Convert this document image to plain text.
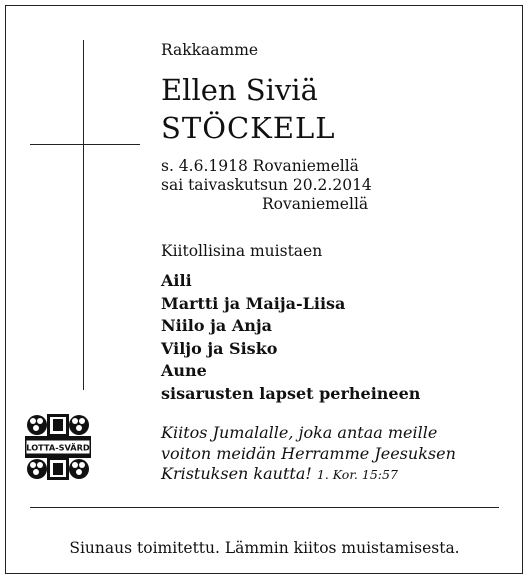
Rakkaamme
Ellen Siviä
STÖCKELL
s. 4.6.1918 Rovaniemellä
sai taivaskutsun 20.2.2014
Rovaniemellä
Kiitollisina muistaen
Aili
Martti ja Maija-Liisa
Niilo ja Anja
Viljo ja Sisko
Aune
sisarusten lapset perheineen
LOTTA-SVÄRD
Kiitos Jumalalle, joka antaa meille
voiton meidän Herramme Jeesuksen
Kristuksen kautta! 1. Kor. 15:57
Siunaus toimitettu. Lämmin kiitos muistamisesta.
